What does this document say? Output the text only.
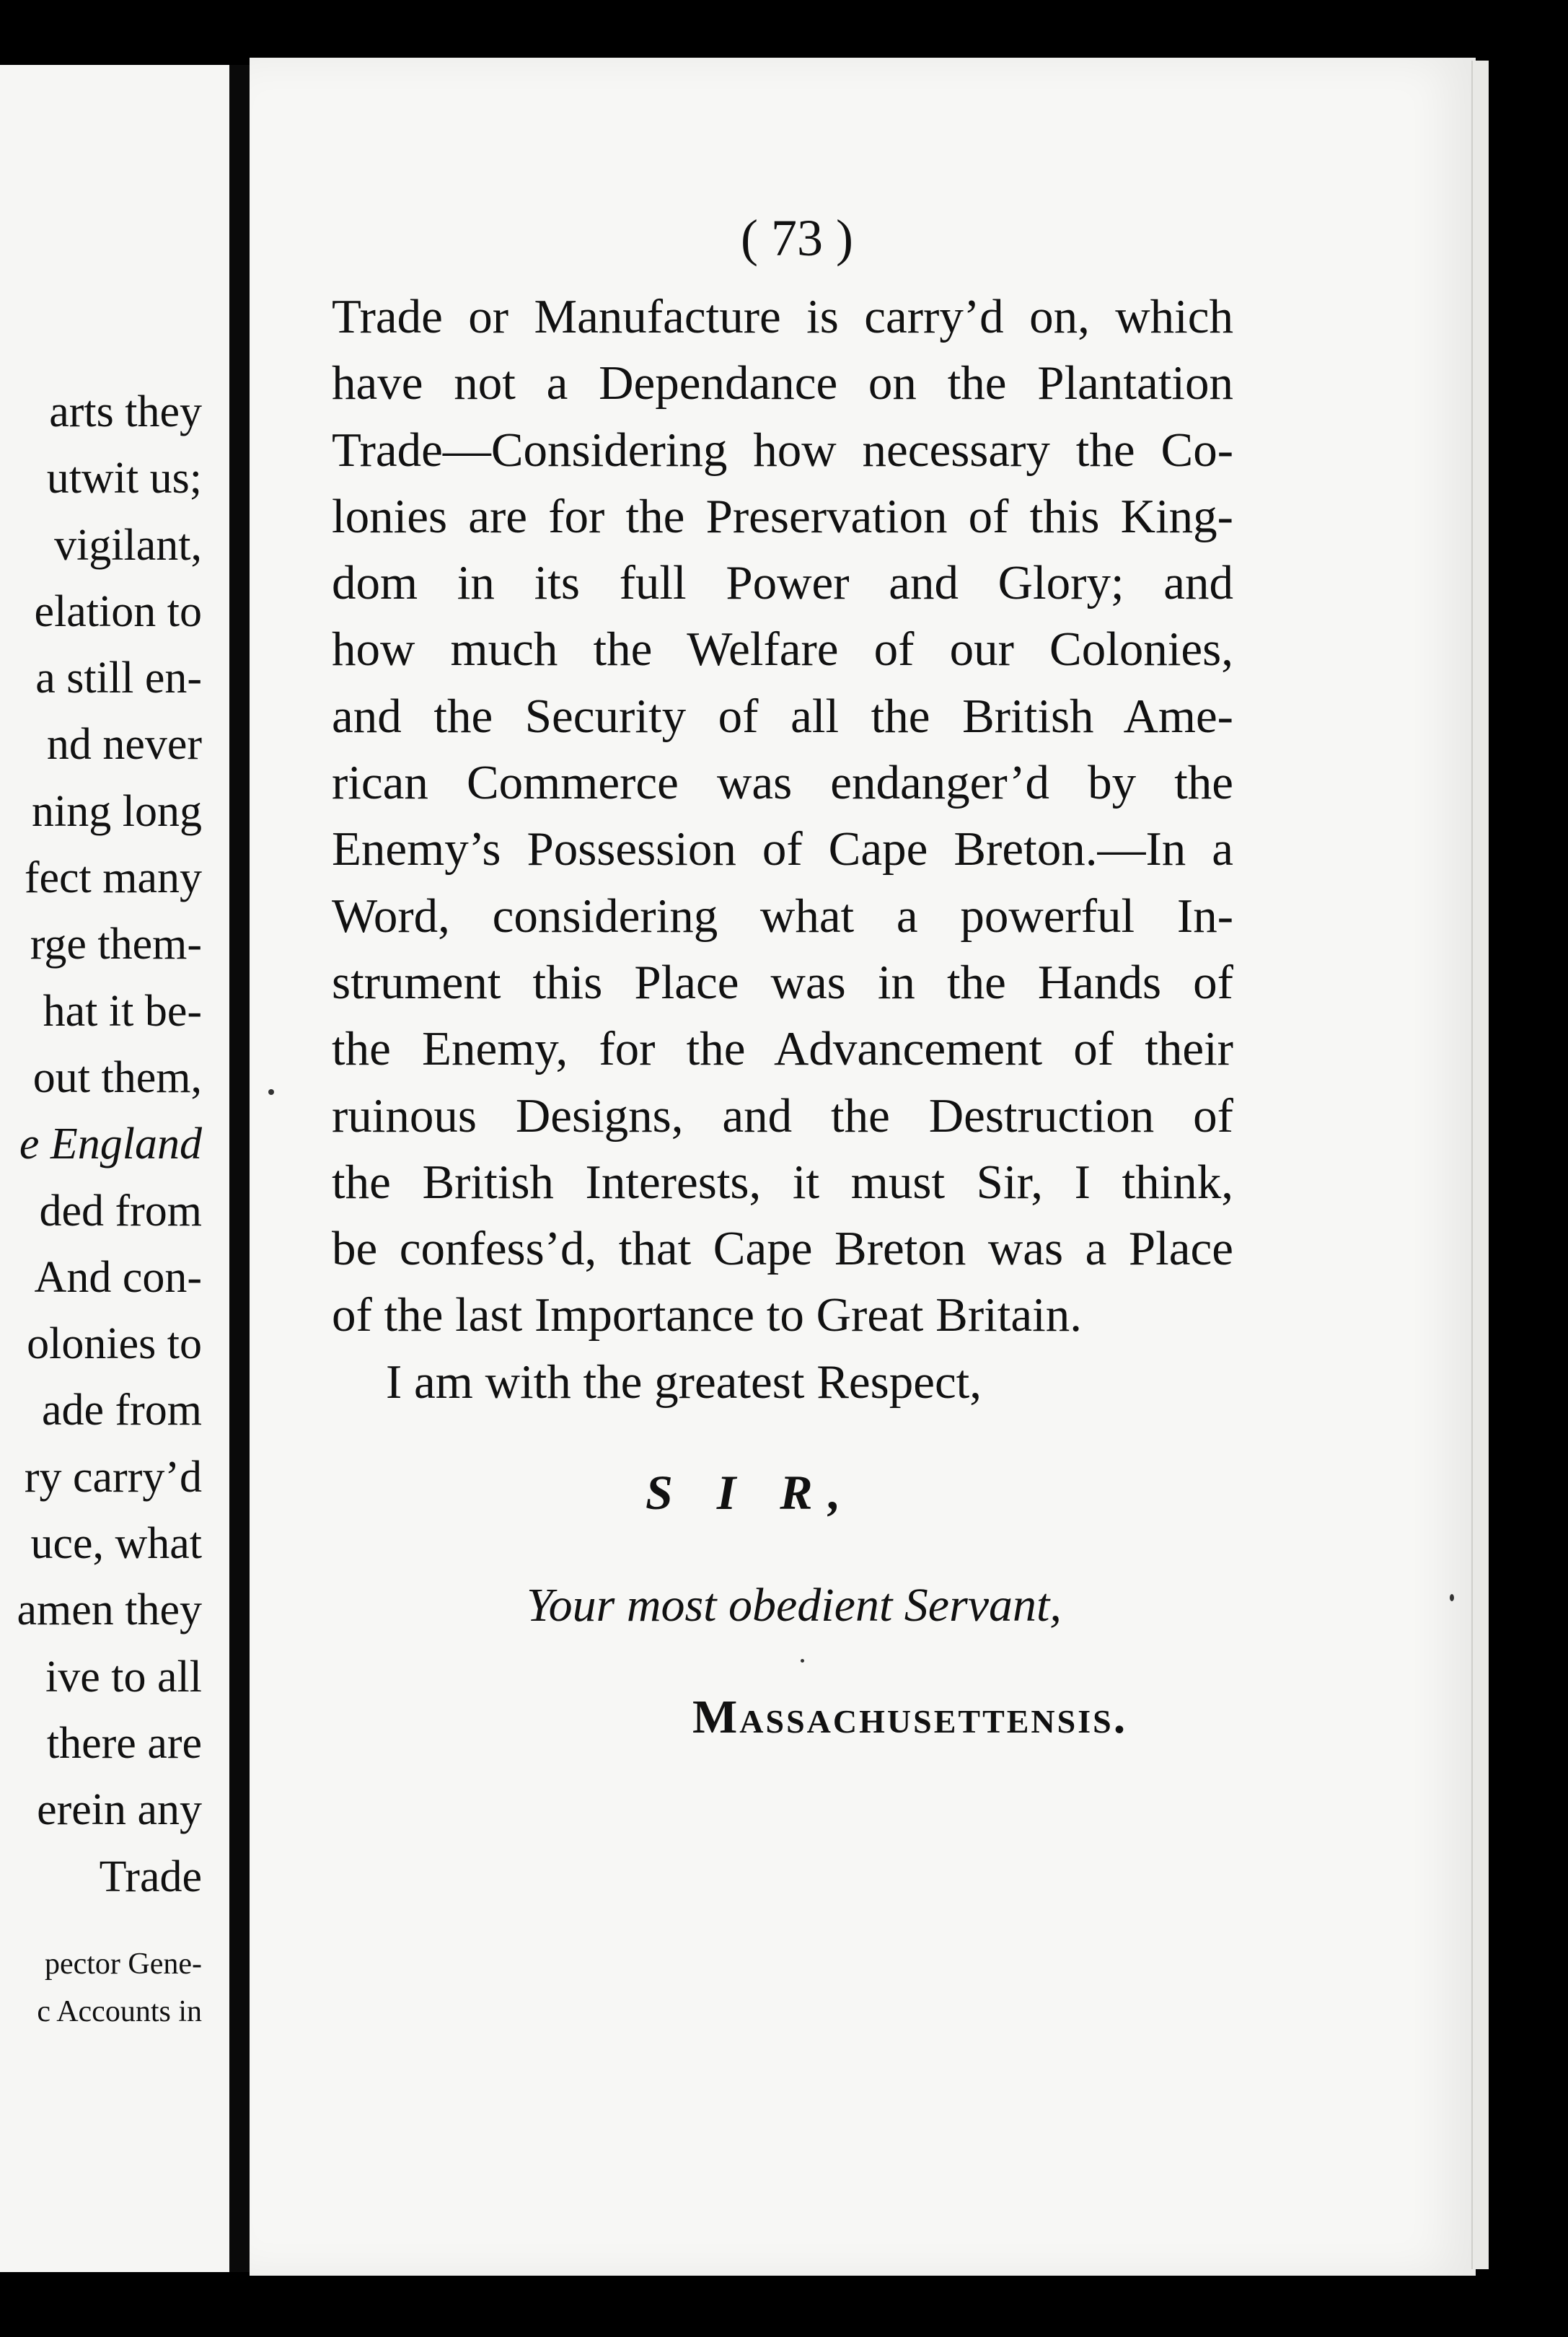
arts they
utwit us;
vigilant,
elation to
a still en-
nd never
ning long
fect many
rge them-
hat it be-
out them,
e England
ded from
And con-
olonies to
ade from
ry carry’d
uce, what
amen they
ive to all
there are
erein any
Trade
pector Gene-
c Accounts in
( 73 )
Trade or Manufacture is carry’d on, which
have not a Dependance on the Plantation
Trade—Considering how necessary the Co-
lonies are for the Preservation of this King-
dom in its full Power and Glory; and
how much the Welfare of our Colonies,
and the Security of all the British Ame-
rican Commerce was endanger’d by the
Enemy’s Possession of Cape Breton.—In a
Word, considering what a powerful In-
strument this Place was in the Hands of
the Enemy, for the Advancement of their
ruinous Designs, and the Destruction of
the British Interests, it must Sir, I think,
be confess’d, that Cape Breton was a Place
of the last Importance to Great Britain.
I am with the greatest Respect,
S I R,
Your most obedient Servant,
Massachusettensis.
